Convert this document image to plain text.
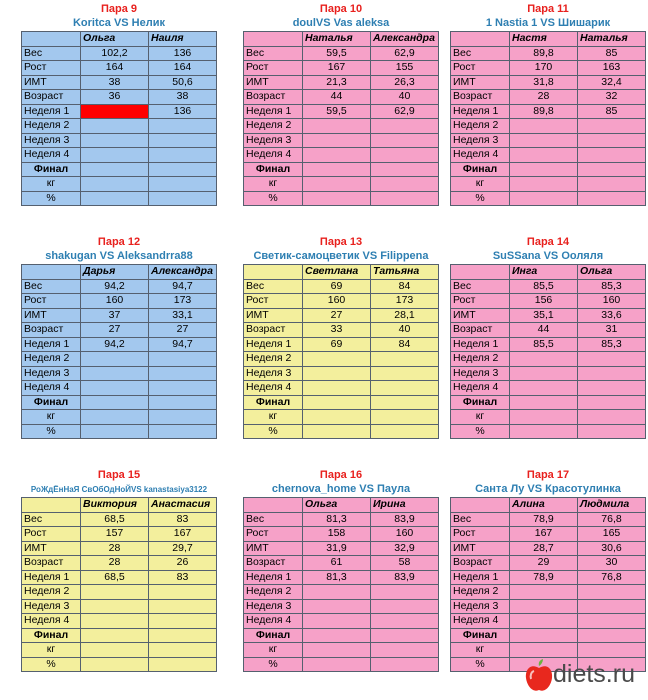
Пара 9
Koritca VS Нелик
	Ольга	Наиля
Вес	102,2	136
Рост	164	164
ИМТ	38	50,6
Возраст	36	38
Неделя 1		136
Неделя 2		
Неделя 3		
Неделя 4		
Финал		
кг		
%		
Пара 10
doulVS Vas aleksa
	Наталья	Александра
Вес	59,5	62,9
Рост	167	155
ИМТ	21,3	26,3
Возраст	44	40
Неделя 1	59,5	62,9
Неделя 2		
Неделя 3		
Неделя 4		
Финал		
кг		
%		
Пара 11
1 Nastia 1 VS Шишарик
	Настя	Наталья
Вес	89,8	85
Рост	170	163
ИМТ	31,8	32,4
Возраст	28	32
Неделя 1	89,8	85
Неделя 2		
Неделя 3		
Неделя 4		
Финал		
кг		
%		
Пара 12
shakugan VS Aleksandrra88
	Дарья	Александра
Вес	94,2	94,7
Рост	160	173
ИМТ	37	33,1
Возраст	27	27
Неделя 1	94,2	94,7
Неделя 2		
Неделя 3		
Неделя 4		
Финал		
кг		
%		
Пара 13
Светик-самоцветик VS Filippena
	Светлана	Татьяна
Вес	69	84
Рост	160	173
ИМТ	27	28,1
Возраст	33	40
Неделя 1	69	84
Неделя 2		
Неделя 3		
Неделя 4		
Финал		
кг		
%		
Пара 14
SuSSana VS Ооляля
	Инга	Ольга
Вес	85,5	85,3
Рост	156	160
ИМТ	35,1	33,6
Возраст	44	31
Неделя 1	85,5	85,3
Неделя 2		
Неделя 3		
Неделя 4		
Финал		
кг		
%		
Пара 15
РоЖдЁнНаЯ СвОбОдНоЙVS kanastasiya3122
	Виктория	Анастасия
Вес	68,5	83
Рост	157	167
ИМТ	28	29,7
Возраст	28	26
Неделя 1	68,5	83
Неделя 2		
Неделя 3		
Неделя 4		
Финал		
кг		
%		
Пара 16
chernova_home VS Паула
	Ольга	Ирина
Вес	81,3	83,9
Рост	158	160
ИМТ	31,9	32,9
Возраст	61	58
Неделя 1	81,3	83,9
Неделя 2		
Неделя 3		
Неделя 4		
Финал		
кг		
%		
Пара 17
Санта Лу VS Красотулинка
	Алина	Людмила
Вес	78,9	76,8
Рост	167	165
ИМТ	28,7	30,6
Возраст	29	30
Неделя 1	78,9	76,8
Неделя 2		
Неделя 3		
Неделя 4		
Финал		
кг		
%			diets.ru
